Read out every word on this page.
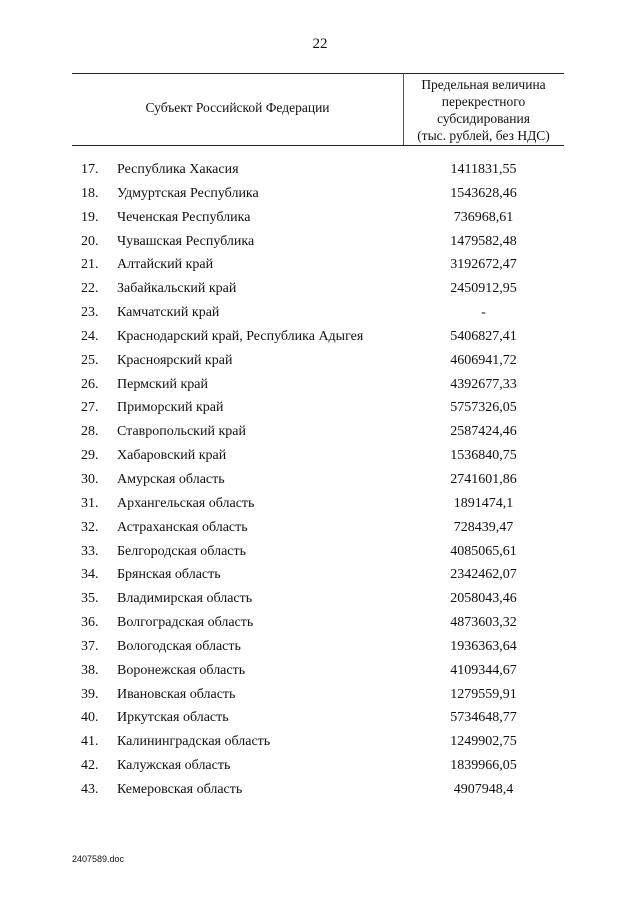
22
Субъект Российской Федерации
Предельная величина
перекрестного
субсидирования
(тыс. рублей, без НДС)
17.	Республика Хакасия	1411831,55
18.	Удмуртская Республика	1543628,46
19.	Чеченская Республика	736968,61
20.	Чувашская Республика	1479582,48
21.	Алтайский край	3192672,47
22.	Забайкальский край	2450912,95
23.	Камчатский край	-
24.	Краснодарский край, Республика Адыгея	5406827,41
25.	Красноярский край	4606941,72
26.	Пермский край	4392677,33
27.	Приморский край	5757326,05
28.	Ставропольский край	2587424,46
29.	Хабаровский край	1536840,75
30.	Амурская область	2741601,86
31.	Архангельская область	1891474,1
32.	Астраханская область	728439,47
33.	Белгородская область	4085065,61
34.	Брянская область	2342462,07
35.	Владимирская область	2058043,46
36.	Волгоградская область	4873603,32
37.	Вологодская область	1936363,64
38.	Воронежская область	4109344,67
39.	Ивановская область	1279559,91
40.	Иркутская область	5734648,77
41.	Калининградская область	1249902,75
42.	Калужская область	1839966,05
43.	Кемеровская область	4907948,4
2407589.doc
